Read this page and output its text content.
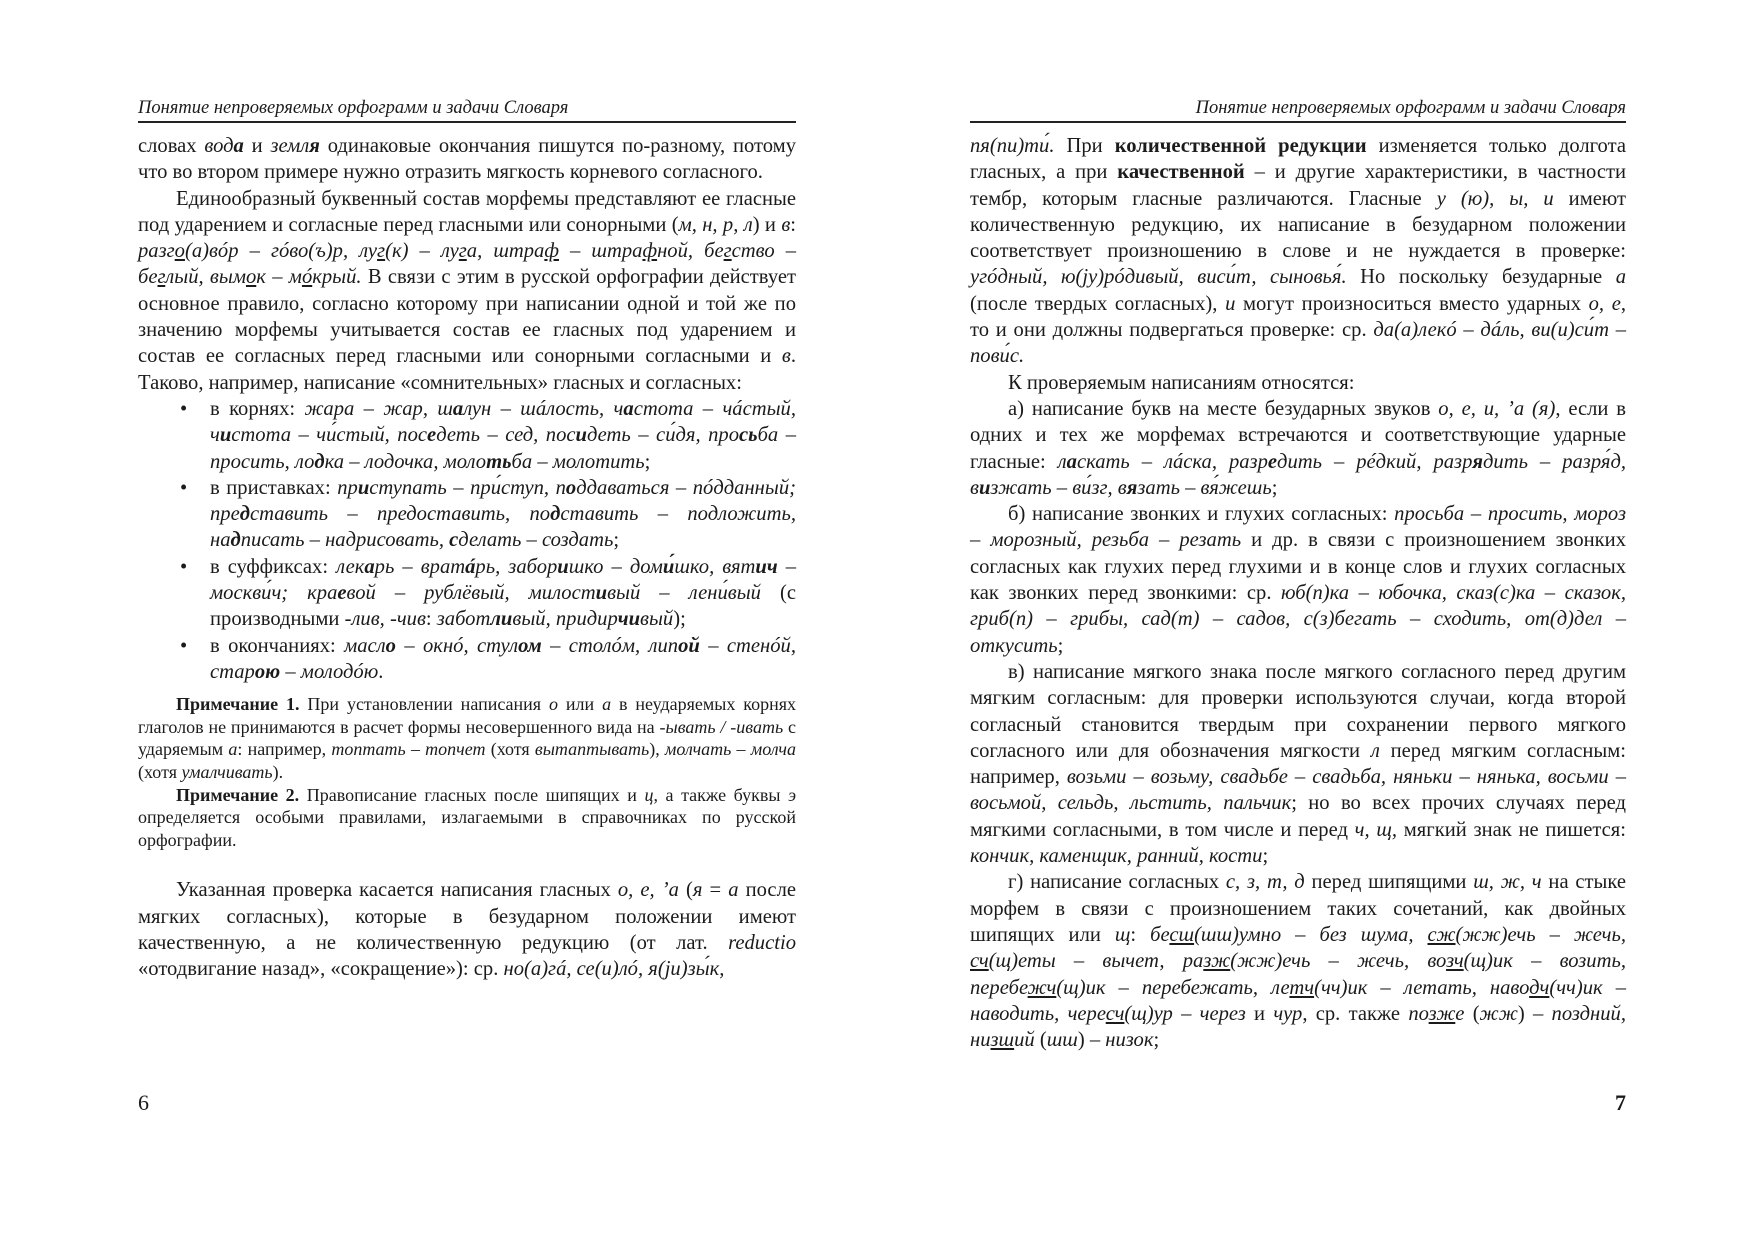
Понятие непроверяемых орфограмм и задачи Словаря

словах вода и земля одинаковые окончания пишутся по-разному, потому что во втором примере нужно отразить мягкость корневого согласного.

Единообразный буквенный состав морфемы представляют ее гласные под ударением и согласные перед гласными или сонорными (м, н, р, л) и в: разго(а)вóр – гóво(ъ)р, луг(к) – луга, штраф – штрафной, бегство – беглый, вымок – мóкрый. В связи с этим в русской орфографии действует основное правило, согласно которому при написании одной и той же по значению морфемы учитывается состав ее гласных под ударением и состав ее согласных перед гласными или сонорными согласными и в. Таково, например, написание «сомнительных» гласных и согласных:

• в корнях: жара – жар, шалун – шáлость, частота – чáстый, чистота – чи́стый, поседеть – сед, посидеть – си́дя, просьба – просить, лодка – лодочка, молотьба – молотить;
• в приставках: приступать – при́ступ, поддаваться – пóдданный; представить – предоставить, подставить – подложить, надписать – надрисовать, сделать – создать;
• в суффиксах: лекарь – вратáрь, заборишко – доми́шко, вятич – москви́ч; краевой – рублёвый, милостивый – лени́вый (с производными -лив, -чив: заботливый, придирчивый);
• в окончаниях: масло – окнó, стулом – столóм, липой – стенóй, старою – молодóю.

Примечание 1. При установлении написания о или а в неударяемых корнях глаголов не принимаются в расчет формы несовершенного вида на -ывать / -ивать с ударяемым а: например, топтать – топчет (хотя вытаптывать), молчать – молча (хотя умалчивать).

Примечание 2. Правописание гласных после шипящих и ц, а также буквы э определяется особыми правилами, излагаемыми в справочниках по русской орфографии.

Указанная проверка касается написания гласных о, е, ’а (я = а после мягких согласных), которые в безударном положении имеют качественную, а не количественную редукцию (от лат. reductio «отодвигание назад», «сокращение»): ср. но(а)гá, се(и)лó, я(jи)зы́к,

6
Понятие непроверяемых орфограмм и задачи Словаря

пя(пи)ти́. При количественной редукции изменяется только долгота гласных, а при качественной – и другие характеристики, в частности тембр, которым гласные различаются. Гласные у (ю), ы, и имеют количественную редукцию, их написание в безударном положении соответствует произношению в слове и не нуждается в проверке: угóдный, ю(jу)рóдивый, виси́т, сыновья́. Но поскольку безударные а (после твердых согласных), и могут произноситься вместо ударных о, е, то и они должны подвергаться проверке: ср. да(а)лекó – дáль, ви(и)си́т – пови́с.

К проверяемым написаниям относятся:

а) написание букв на месте безударных звуков о, е, и, ’а (я), если в одних и тех же морфемах встречаются и соответствующие ударные гласные: ласкать – лáска, разредить – рéдкий, разрядить – разря́д, визжать – ви́зг, вязать – вя́жешь;

б) написание звонких и глухих согласных: просьба – просить, мороз – морозный, резьба – резать и др. в связи с произношением звонких согласных как глухих перед глухими и в конце слов и глухих согласных как звонких перед звонкими: ср. юб(п)ка – юбочка, сказ(с)ка – сказок, гриб(п) – грибы, сад(т) – садов, с(з)бегать – сходить, от(д)дел – откусить;

в) написание мягкого знака после мягкого согласного перед другим мягким согласным: для проверки используются случаи, когда второй согласный становится твердым при сохранении первого мягкого согласного или для обозначения мягкости л перед мягким согласным: например, возьми – возьму, свадьбе – свадьба, няньки – нянька, восьми – восьмой, сельдь, льстить, пальчик; но во всех прочих случаях перед мягкими согласными, в том числе и перед ч, щ, мягкий знак не пишется: кончик, каменщик, ранний, кости;

г) написание согласных с, з, т, д перед шипящими ш, ж, ч на стыке морфем в связи с произношением таких сочетаний, как двойных шипящих или щ: бесш(шш)умно – без шума, сж(жж)ечь – жечь, сч(щ)еты – вычет, разж(жж)ечь – жечь, возч(щ)ик – возить, перебежч(щ)ик – перебежать, летч(чч)ик – летать, наводч(чч)ик – наводить, чересч(щ)ур – через и чур, ср. также позже (жж) – поздний, низший (шш) – низок;

7
